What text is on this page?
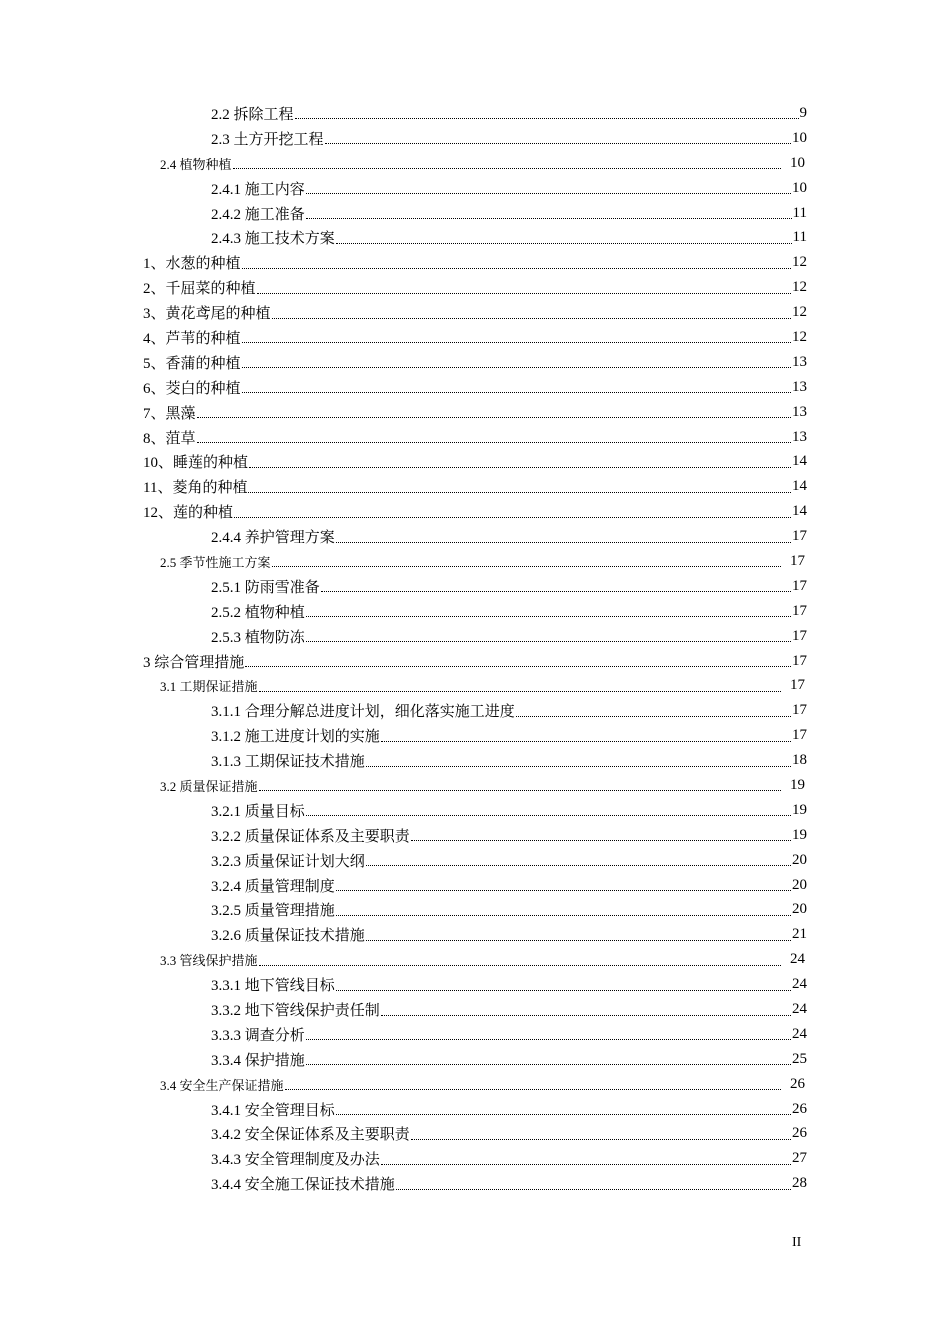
2.2 拆除工程	9
2.3 土方开挖工程	10
2.4 植物种植	10
2.4.1 施工内容	10
2.4.2 施工准备	11
2.4.3 施工技术方案	11
1、水葱的种植	12
2、千屈菜的种植	12
3、黄花鸢尾的种植	12
4、芦苇的种植	12
5、香蒲的种植	13
6、茭白的种植	13
7、黑藻	13
8、菹草	13
10、睡莲的种植	14
11、菱角的种植	14
12、莲的种植	14
2.4.4 养护管理方案	17
2.5 季节性施工方案	17
2.5.1 防雨雪准备	17
2.5.2 植物种植	17
2.5.3 植物防冻	17
3 综合管理措施	17
3.1 工期保证措施	17
3.1.1 合理分解总进度计划，细化落实施工进度	17
3.1.2 施工进度计划的实施	17
3.1.3 工期保证技术措施	18
3.2 质量保证措施	19
3.2.1 质量目标	19
3.2.2 质量保证体系及主要职责	19
3.2.3 质量保证计划大纲	20
3.2.4 质量管理制度	20
3.2.5 质量管理措施	20
3.2.6 质量保证技术措施	21
3.3 管线保护措施	24
3.3.1 地下管线目标	24
3.3.2 地下管线保护责任制	24
3.3.3 调查分析	24
3.3.4 保护措施	25
3.4 安全生产保证措施	26
3.4.1 安全管理目标	26
3.4.2 安全保证体系及主要职责	26
3.4.3 安全管理制度及办法	27
3.4.4 安全施工保证技术措施	28
II
